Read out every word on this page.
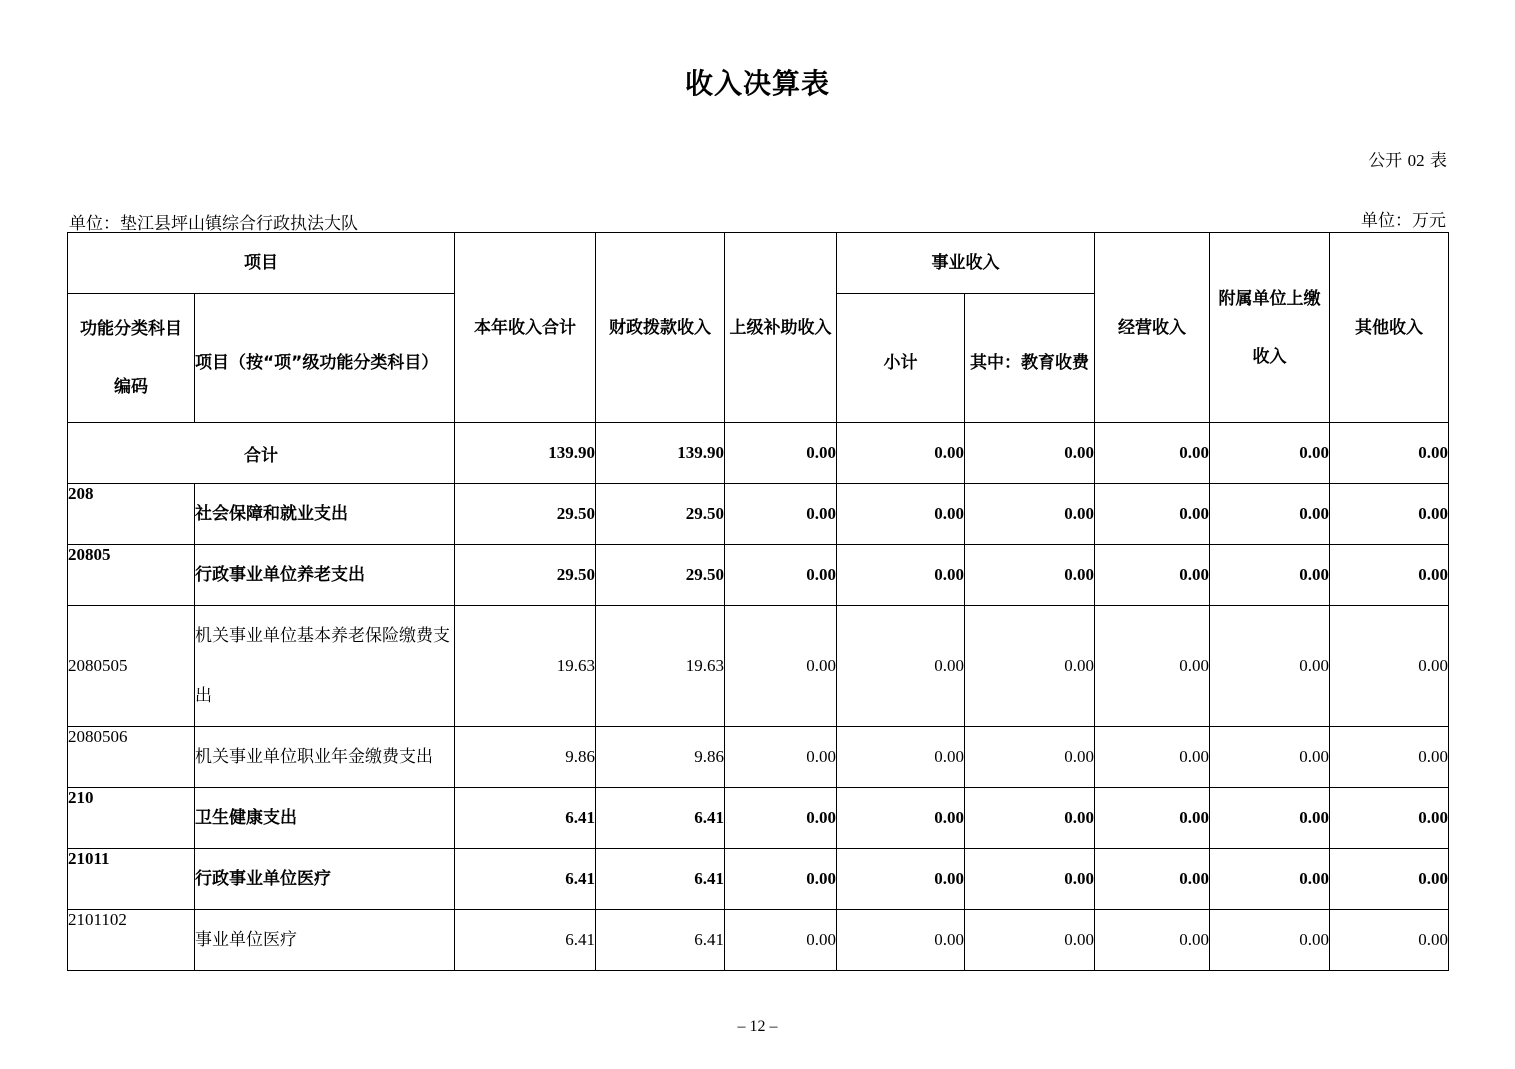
收入决算表
公开 02 表
单位：垫江县坪山镇综合行政执法大队	单位：万元
项目		本年收入合计	财政拨款收入	上级补助收入	事业收入		经营收入	附属单位上缴收入	其他收入
功能分类科目编码	项目（按“项”级功能分类科目）				小计	其中：教育收费			

合计		139.90	139.90	0.00	0.00	0.00	0.00	0.00	0.00
208	社会保障和就业支出	29.50	29.50	0.00	0.00	0.00	0.00	0.00	0.00
20805	行政事业单位养老支出	29.50	29.50	0.00	0.00	0.00	0.00	0.00	0.00
2080505	机关事业单位基本养老保险缴费支出	19.63	19.63	0.00	0.00	0.00	0.00	0.00	0.00
2080506	机关事业单位职业年金缴费支出	9.86	9.86	0.00	0.00	0.00	0.00	0.00	0.00
210	卫生健康支出	6.41	6.41	0.00	0.00	0.00	0.00	0.00	0.00
21011	行政事业单位医疗	6.41	6.41	0.00	0.00	0.00	0.00	0.00	0.00
2101102	事业单位医疗	6.41	6.41	0.00	0.00	0.00	0.00	0.00	0.00
– 12 –
